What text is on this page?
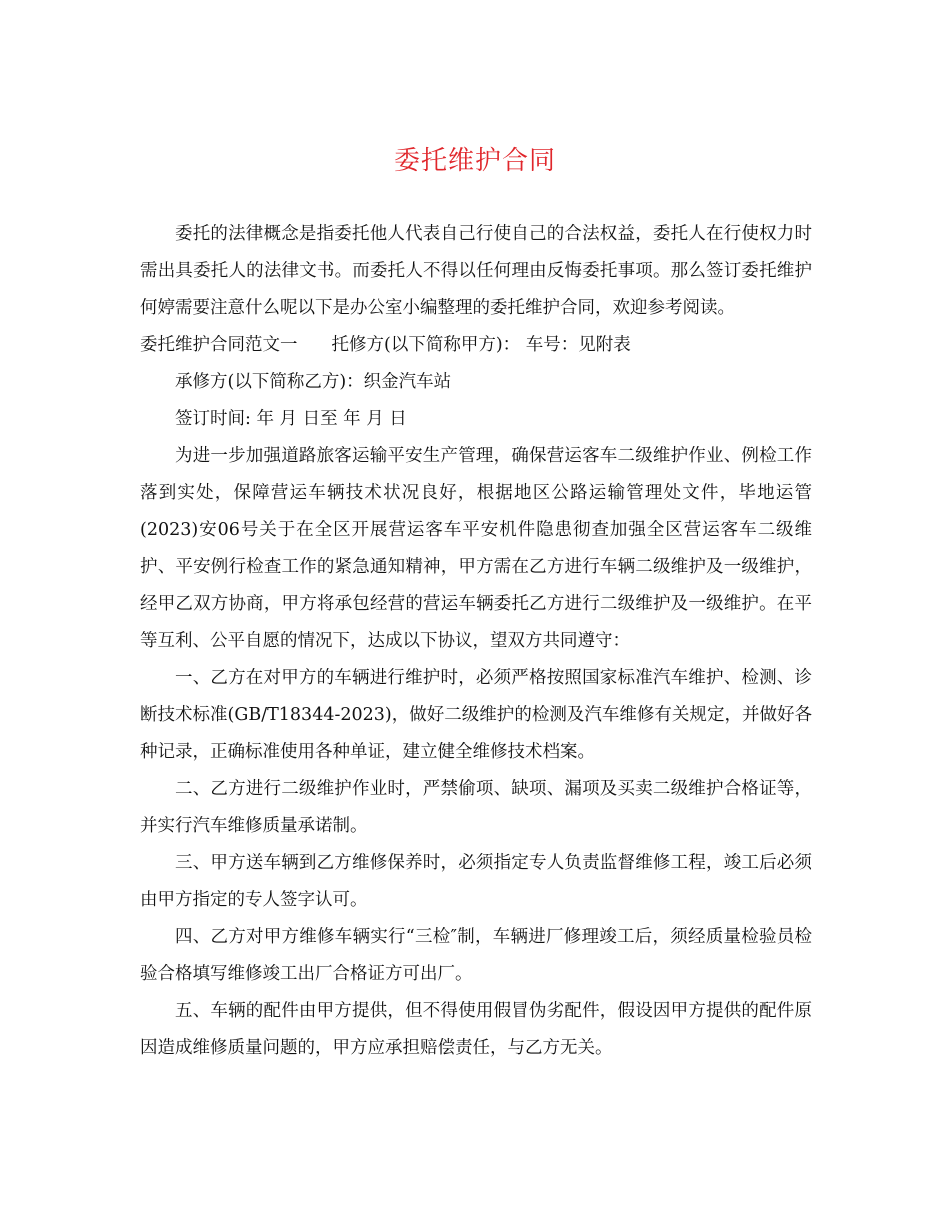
委托维护合同

委托的法律概念是指委托他人代表自己行使自己的合法权益，委托人在行使权力时需出具委托人的法律文书。而委托人不得以任何理由反悔委托事项。那么签订委托维护何婷需要注意什么呢以下是办公室小编整理的委托维护合同，欢迎参考阅读。

委托维护合同范文一 托修方(以下简称甲方)： 车号：见附表

承修方(以下简称乙方)：织金汽车站

签订时间: 年 月 日至 年 月 日

为进一步加强道路旅客运输平安生产管理，确保营运客车二级维护作业、例检工作落到实处，保障营运车辆技术状况良好，根据地区公路运输管理处文件，毕地运管(2023)安06号关于在全区开展营运客车平安机件隐患彻查加强全区营运客车二级维护、平安例行检查工作的紧急通知精神，甲方需在乙方进行车辆二级维护及一级维护，经甲乙双方协商，甲方将承包经营的营运车辆委托乙方进行二级维护及一级维护。在平等互利、公平自愿的情况下，达成以下协议，望双方共同遵守：

一、乙方在对甲方的车辆进行维护时，必须严格按照国家标准汽车维护、检测、诊断技术标准(GB/T18344-2023)，做好二级维护的检测及汽车维修有关规定，并做好各种记录，正确标准使用各种单证，建立健全维修技术档案。

二、乙方进行二级维护作业时，严禁偷项、缺项、漏项及买卖二级维护合格证等，并实行汽车维修质量承诺制。

三、甲方送车辆到乙方维修保养时，必须指定专人负责监督维修工程，竣工后必须由甲方指定的专人签字认可。

四、乙方对甲方维修车辆实行“三检″制，车辆进厂修理竣工后，须经质量检验员检验合格填写维修竣工出厂合格证方可出厂。

五、车辆的配件由甲方提供，但不得使用假冒伪劣配件，假设因甲方提供的配件原因造成维修质量问题的，甲方应承担赔偿责任，与乙方无关。
